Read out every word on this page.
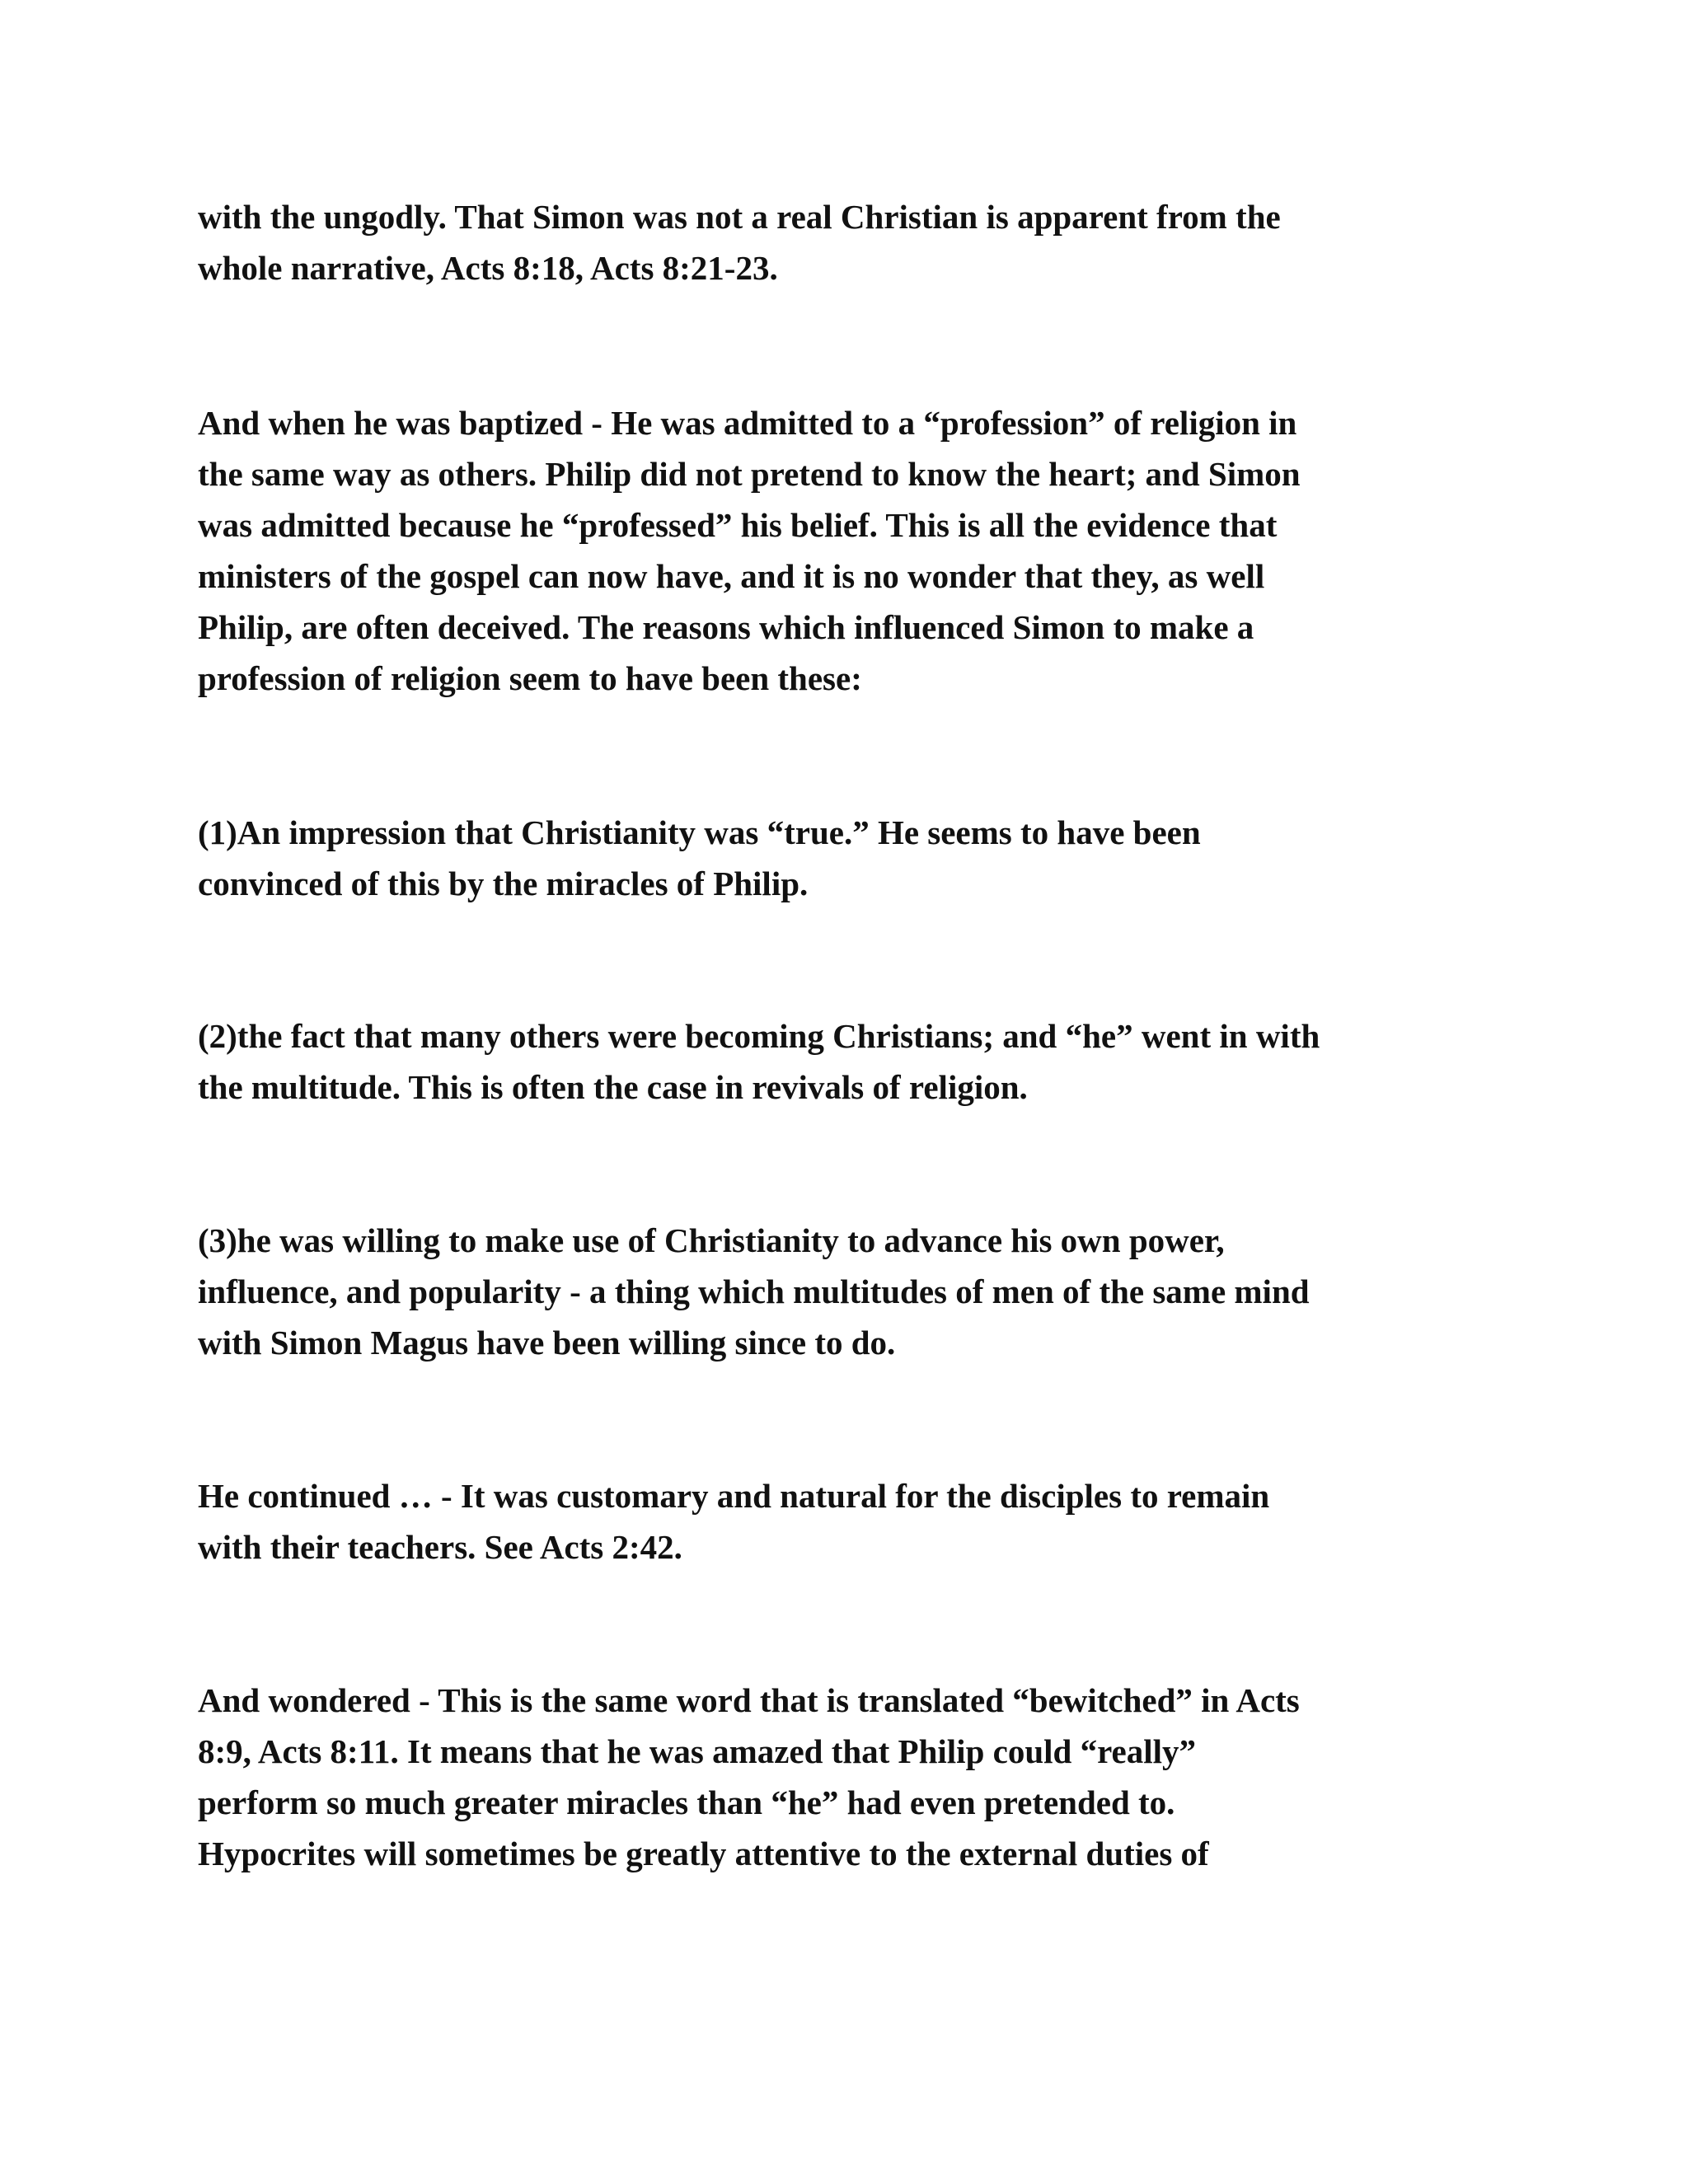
with the ungodly. That Simon was not a real Christian is apparent from the
whole narrative, Acts 8:18, Acts 8:21-23.

And when he was baptized - He was admitted to a “profession” of religion in
the same way as others. Philip did not pretend to know the heart; and Simon
was admitted because he “professed” his belief. This is all the evidence that
ministers of the gospel can now have, and it is no wonder that they, as well
Philip, are often deceived. The reasons which influenced Simon to make a
profession of religion seem to have been these:

(1)An impression that Christianity was “true.” He seems to have been
convinced of this by the miracles of Philip.

(2)the fact that many others were becoming Christians; and “he” went in with
the multitude. This is often the case in revivals of religion.

(3)he was willing to make use of Christianity to advance his own power,
influence, and popularity - a thing which multitudes of men of the same mind
with Simon Magus have been willing since to do.

He continued … - It was customary and natural for the disciples to remain
with their teachers. See Acts 2:42.

And wondered - This is the same word that is translated “bewitched” in Acts
8:9, Acts 8:11. It means that he was amazed that Philip could “really”
perform so much greater miracles than “he” had even pretended to.
Hypocrites will sometimes be greatly attentive to the external duties of
